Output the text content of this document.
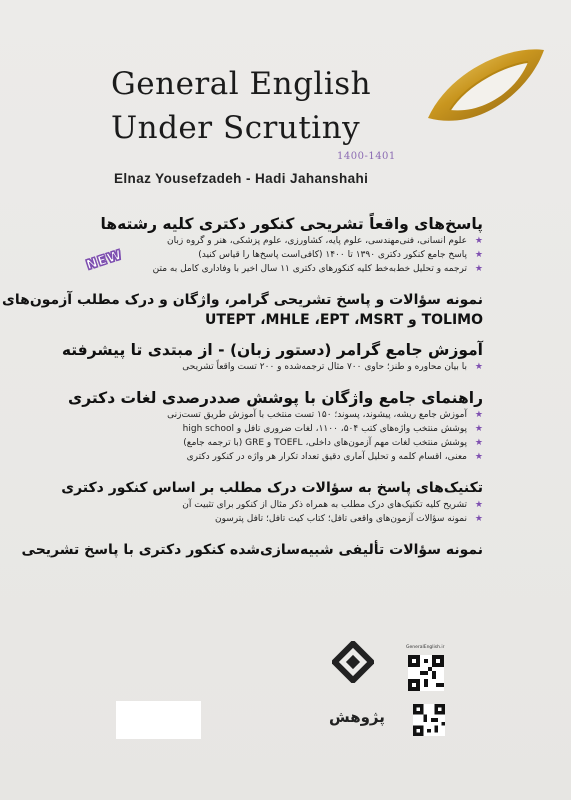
General English
Under Scrutiny
1400-1401
Elnaz Yousefzadeh - Hadi Jahanshahi
NEW
پاسخ‌های واقعاً تشریحی کنکور دکتری کلیه رشته‌ها
★ علوم انسانی، فنی‌مهندسی، علوم پایه، کشاورزی، علوم پزشکی، هنر و گروه زبان
★ پاسخ جامع کنکور دکتری ۱۳۹۰ تا ۱۴۰۰ (کافی‌است پاسخ‌ها را قیاس کنید)
★ ترجمه و تحلیل خط‌به‌خط کلیه کنکورهای دکتری ۱۱ سال اخیر با وفاداری کامل به متن
نمونه سؤالات و پاسخ تشریحی گرامر، واژگان و درک مطلب آزمون‌های
TOLIMO و UTEPT ،MHLE ،EPT ،MSRT
آموزش جامع گرامر (دستور زبان) - از مبتدی تا پیشرفته
★ با بیان محاوره و طنز؛ حاوی ۷۰۰ مثال ترجمه‌شده و ۲۰۰ تست واقعاً تشریحی
راهنمای جامع واژگان با پوشش صددرصدی لغات دکتری
★ آموزش جامع ریشه، پیشوند، پسوند؛ ۱۵۰ تست منتخب با آموزش طریق تست‌زنی
★ پوشش منتخب واژه‌های کتب ۵۰۴، ۱۱۰۰، لغات ضروری تافل و high school
★ پوشش منتخب لغات مهم آزمون‌های داخلی، TOEFL و GRE (با ترجمه جامع)
★ معنی، اقسام کلمه و تحلیل آماری دقیق تعداد تکرار هر واژه در کنکور دکتری
تکنیک‌های پاسخ به سؤالات درک مطلب بر اساس کنکور دکتری
★ تشریح کلیه تکنیک‌های درک مطلب به همراه ذکر مثال از کنکور برای تثبیت آن
★ نمونه سؤالات آزمون‌های واقعی تافل؛ کتاب کیت تافل؛ تافل پترسون
نمونه سؤالات تألیفی شبیه‌سازی‌شده کنکور دکتری با پاسخ تشریحی
پژوهش
GeneralEnglish.ir
